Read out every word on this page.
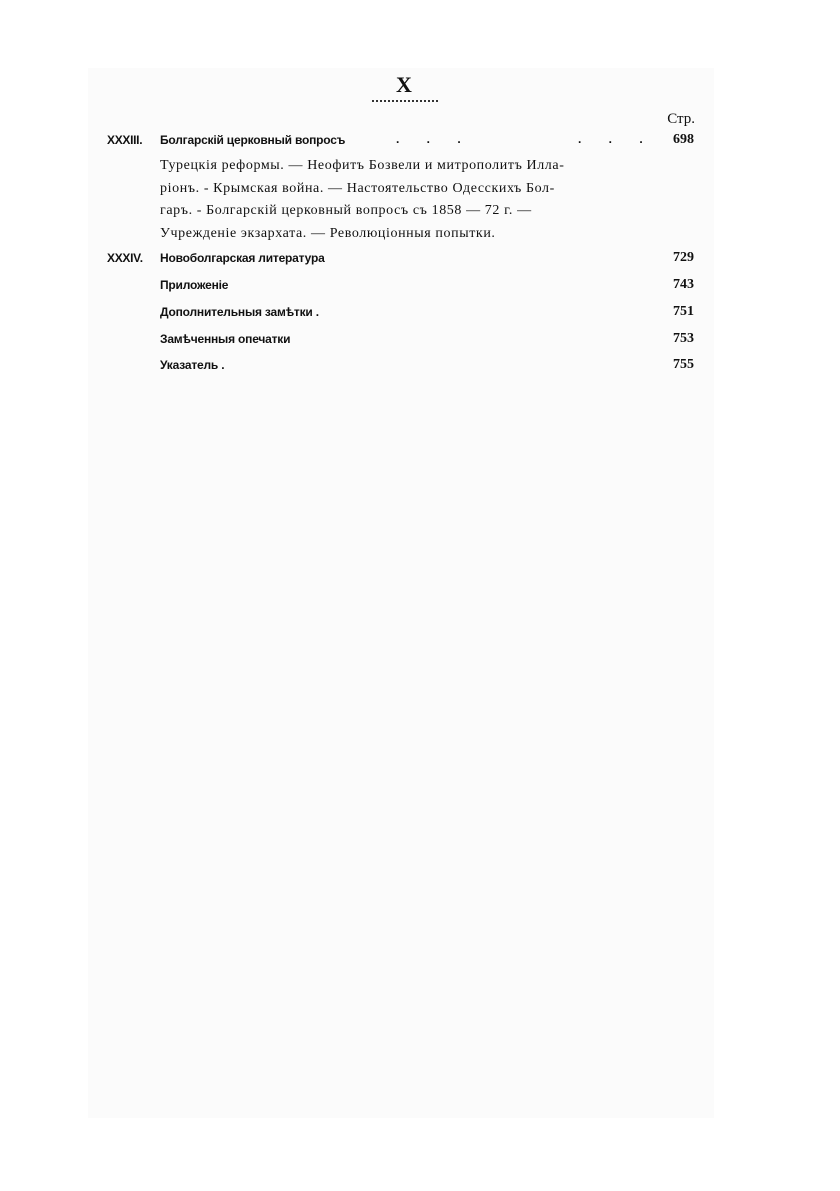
X
Стр.
XXXIII. Болгарскій церковный вопросъ	. . .	. . . 698
Турецкія реформы. — Неофитъ Бозвели и митрополитъ Илла-
ріонъ. - Крымская война. — Настоятельство Одесскихъ Бол-
гаръ. - Болгарскій церковный вопросъ съ 1858 — 72 г. —
Учрежденіе экзархата. — Революціонныя попытки.
XXXIV. Новоболгарская литература	729
Приложеніе	743
Дополнительныя замѣтки .	751
Замѣченныя опечатки	753
Указатель .	755
